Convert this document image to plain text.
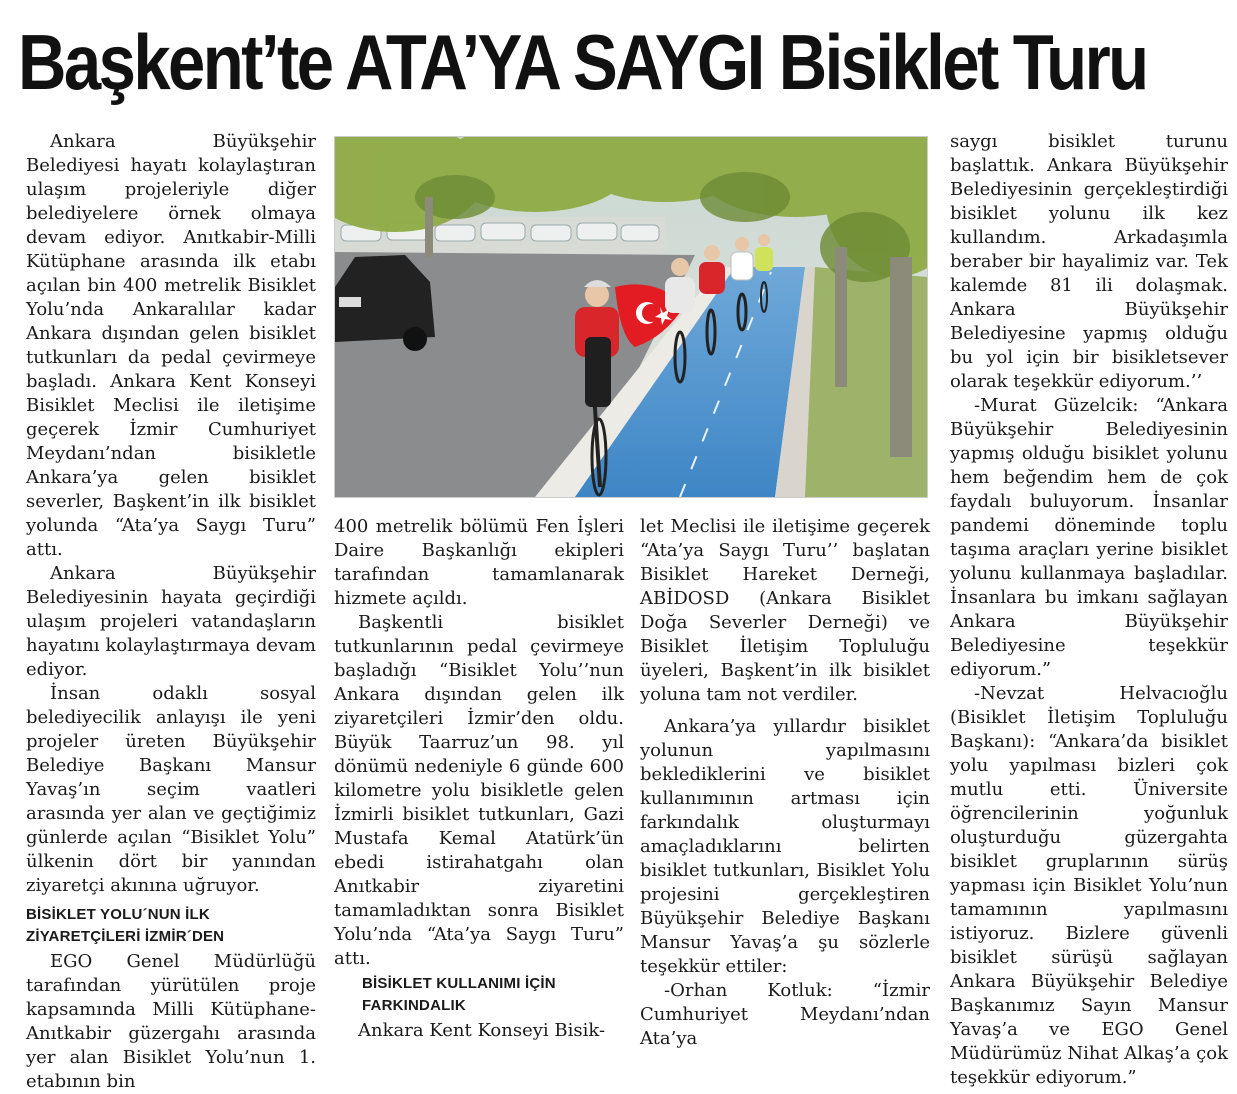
Başkent’te ATA’YA SAYGI Bisiklet Turu

Ankara Büyükşehir Belediyesi hayatı kolaylaştıran ulaşım projeleriyle diğer belediyelere örnek olmaya devam ediyor. Anıtkabir-Milli Kütüphane arasında ilk etabı açılan bin 400 metrelik Bisiklet Yolu’nda Ankaralılar kadar Ankara dışından gelen bisiklet tutkunları da pedal çevirmeye başladı. Ankara Kent Konseyi Bisiklet Meclisi ile iletişime geçerek İzmir Cumhuriyet Meydanı’ndan bisikletle Ankara’ya gelen bisiklet severler, Başkent’in ilk bisiklet yolunda “Ata’ya Saygı Turu” attı.

Ankara Büyükşehir Belediyesinin hayata geçirdiği ulaşım projeleri vatandaşların hayatını kolaylaştırmaya devam ediyor.

İnsan odaklı sosyal belediyecilik anlayışı ile yeni projeler üreten Büyükşehir Belediye Başkanı Mansur Yavaş’ın seçim vaatleri arasında yer alan ve geçtiğimiz günlerde açılan “Bisiklet Yolu” ülkenin dört bir yanından ziyaretçi akınına uğruyor.

BİSİKLET YOLU´NUN İLK
ZİYARETÇİLERİ İZMİR´DEN

EGO Genel Müdürlüğü tarafından yürütülen proje kapsamında Milli Kütüphane-Anıtkabir güzergahı arasında yer alan Bisiklet Yolu’nun 1. etabının bin

400 metrelik bölümü Fen İşleri Daire Başkanlığı ekipleri tarafından tamamlanarak hizmete açıldı.

Başkentli bisiklet tutkunlarının pedal çevirmeye başladığı “Bisiklet Yolu’’nun Ankara dışından gelen ilk ziyaretçileri İzmir’den oldu. Büyük Taarruz’un 98. yıl dönümü nedeniyle 6 günde 600 kilometre yolu bisikletle gelen İzmirli bisiklet tutkunları, Gazi Mustafa Kemal Atatürk’ün ebedi istirahatgahı olan Anıtkabir ziyaretini tamamladıktan sonra Bisiklet Yolu’nda “Ata’ya Saygı Turu” attı.

BİSİKLET KULLANIMI İÇİN
FARKINDALIK

Ankara Kent Konseyi Bisik-

let Meclisi ile iletişime geçerek “Ata’ya Saygı Turu’’ başlatan Bisiklet Hareket Derneği, ABİDOSD (Ankara Bisiklet Doğa Severler Derneği) ve Bisiklet İletişim Topluluğu üyeleri, Başkent’in ilk bisiklet yoluna tam not verdiler.

Ankara’ya yıllardır bisiklet yolunun yapılmasını beklediklerini ve bisiklet kullanımının artması için farkındalık oluşturmayı amaçladıklarını belirten bisiklet tutkunları, Bisiklet Yolu projesini gerçekleştiren Büyükşehir Belediye Başkanı Mansur Yavaş’a şu sözlerle teşekkür ettiler:

-Orhan Kotluk: “İzmir Cumhuriyet Meydanı’ndan Ata’ya

saygı bisiklet turunu başlattık. Ankara Büyükşehir Belediyesinin gerçekleştirdiği bisiklet yolunu ilk kez kullandım. Arkadaşımla beraber bir hayalimiz var. Tek kalemde 81 ili dolaşmak. Ankara Büyükşehir Belediyesine yapmış olduğu bu yol için bir bisikletsever olarak teşekkür ediyorum.’’

-Murat Güzelcik: “Ankara Büyükşehir Belediyesinin yapmış olduğu bisiklet yolunu hem beğendim hem de çok faydalı buluyorum. İnsanlar pandemi döneminde toplu taşıma araçları yerine bisiklet yolunu kullanmaya başladılar. İnsanlara bu imkanı sağlayan Ankara Büyükşehir Belediyesine teşekkür ediyorum.”

-Nevzat Helvacıoğlu (Bisiklet İletişim Topluluğu Başkanı): “Ankara’da bisiklet yolu yapılması bizleri çok mutlu etti. Üniversite öğrencilerinin yoğunluk oluşturduğu güzergahta bisiklet gruplarının sürüş yapması için Bisiklet Yolu’nun tamamının yapılmasını istiyoruz. Bizlere güvenli bisiklet sürüşü sağlayan Ankara Büyükşehir Belediye Başkanımız Sayın Mansur Yavaş’a ve EGO Genel Müdürümüz Nihat Alkaş’a çok teşekkür ediyorum.”
